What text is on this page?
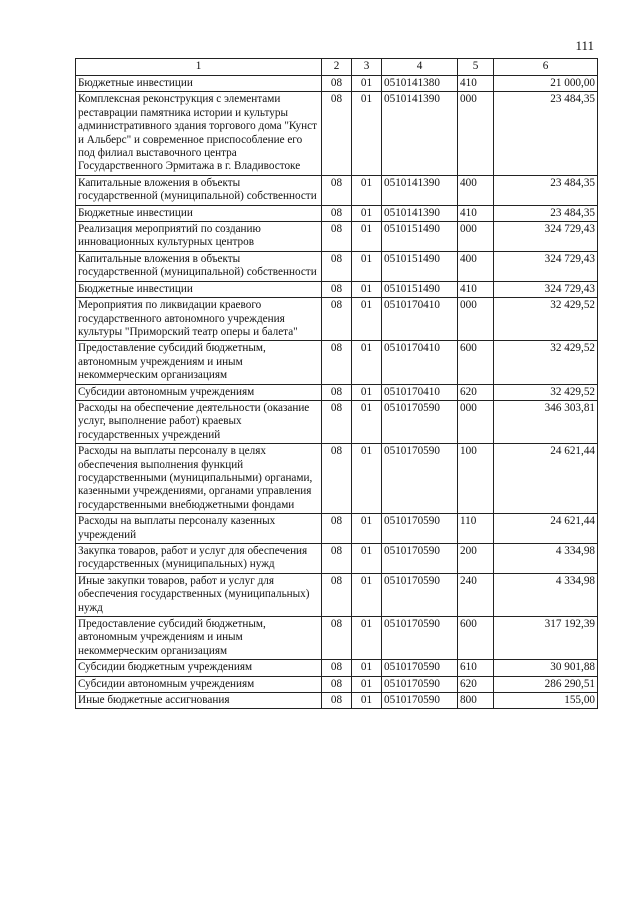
111
1	2	3	4	5	6
Бюджетные инвестиции	08	01	0510141380	410	21 000,00
Комплексная реконструкция с элементами реставрации памятника истории и культуры административного здания торгового дома "Кунст и Альберс" и современное приспособление его под филиал выставочного центра Государственного Эрмитажа в г. Владивостоке	08	01	0510141390	000	23 484,35
Капитальные вложения в объекты государственной (муниципальной) собственности	08	01	0510141390	400	23 484,35
Бюджетные инвестиции	08	01	0510141390	410	23 484,35
Реализация мероприятий по созданию инновационных культурных центров	08	01	0510151490	000	324 729,43
Капитальные вложения в объекты государственной (муниципальной) собственности	08	01	0510151490	400	324 729,43
Бюджетные инвестиции	08	01	0510151490	410	324 729,43
Мероприятия по ликвидации краевого государственного автономного учреждения культуры "Приморский театр оперы и балета"	08	01	0510170410	000	32 429,52
Предоставление субсидий бюджетным, автономным учреждениям и иным некоммерческим организациям	08	01	0510170410	600	32 429,52
Субсидии автономным учреждениям	08	01	0510170410	620	32 429,52
Расходы на обеспечение деятельности (оказание услуг, выполнение работ) краевых государственных учреждений	08	01	0510170590	000	346 303,81
Расходы на выплаты персоналу в целях обеспечения выполнения функций государственными (муниципальными) органами, казенными учреждениями, органами управления государственными внебюджетными фондами	08	01	0510170590	100	24 621,44
Расходы на выплаты персоналу казенных учреждений	08	01	0510170590	110	24 621,44
Закупка товаров, работ и услуг для обеспечения государственных (муниципальных) нужд	08	01	0510170590	200	4 334,98
Иные закупки товаров, работ и услуг для обеспечения государственных (муниципальных) нужд	08	01	0510170590	240	4 334,98
Предоставление субсидий бюджетным, автономным учреждениям и иным некоммерческим организациям	08	01	0510170590	600	317 192,39
Субсидии бюджетным учреждениям	08	01	0510170590	610	30 901,88
Субсидии автономным учреждениям	08	01	0510170590	620	286 290,51
Иные бюджетные ассигнования	08	01	0510170590	800	155,00
